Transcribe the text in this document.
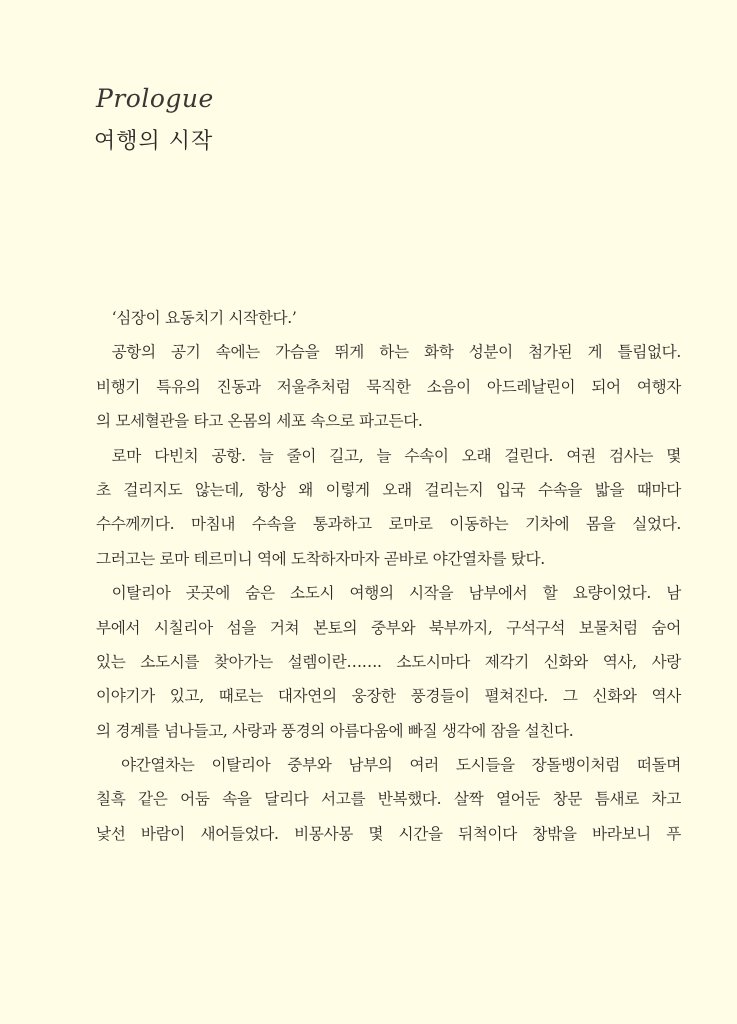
Prologue
여행의 시작
‘심장이 요동치기 시작한다.’
공항의 공기 속에는 가슴을 뛰게 하는 화학 성분이 첨가된 게 틀림없다.
비행기 특유의 진동과 저울추처럼 묵직한 소음이 아드레날린이 되어 여행자
의 모세혈관을 타고 온몸의 세포 속으로 파고든다.
로마 다빈치 공항. 늘 줄이 길고, 늘 수속이 오래 걸린다. 여권 검사는 몇
초 걸리지도 않는데, 항상 왜 이렇게 오래 걸리는지 입국 수속을 밟을 때마다
수수께끼다. 마침내 수속을 통과하고 로마로 이동하는 기차에 몸을 실었다.
그러고는 로마 테르미니 역에 도착하자마자 곧바로 야간열차를 탔다.
이탈리아 곳곳에 숨은 소도시 여행의 시작을 남부에서 할 요량이었다. 남
부에서 시칠리아 섬을 거쳐 본토의 중부와 북부까지, 구석구석 보물처럼 숨어
있는 소도시를 찾아가는 설렘이란……. 소도시마다 제각기 신화와 역사, 사랑
이야기가 있고, 때로는 대자연의 웅장한 풍경들이 펼쳐진다. 그 신화와 역사
의 경계를 넘나들고, 사랑과 풍경의 아름다움에 빠질 생각에 잠을 설친다.
야간열차는 이탈리아 중부와 남부의 여러 도시들을 장돌뱅이처럼 떠돌며
칠흑 같은 어둠 속을 달리다 서고를 반복했다. 살짝 열어둔 창문 틈새로 차고
낯선 바람이 새어들었다. 비몽사몽 몇 시간을 뒤척이다 창밖을 바라보니 푸
